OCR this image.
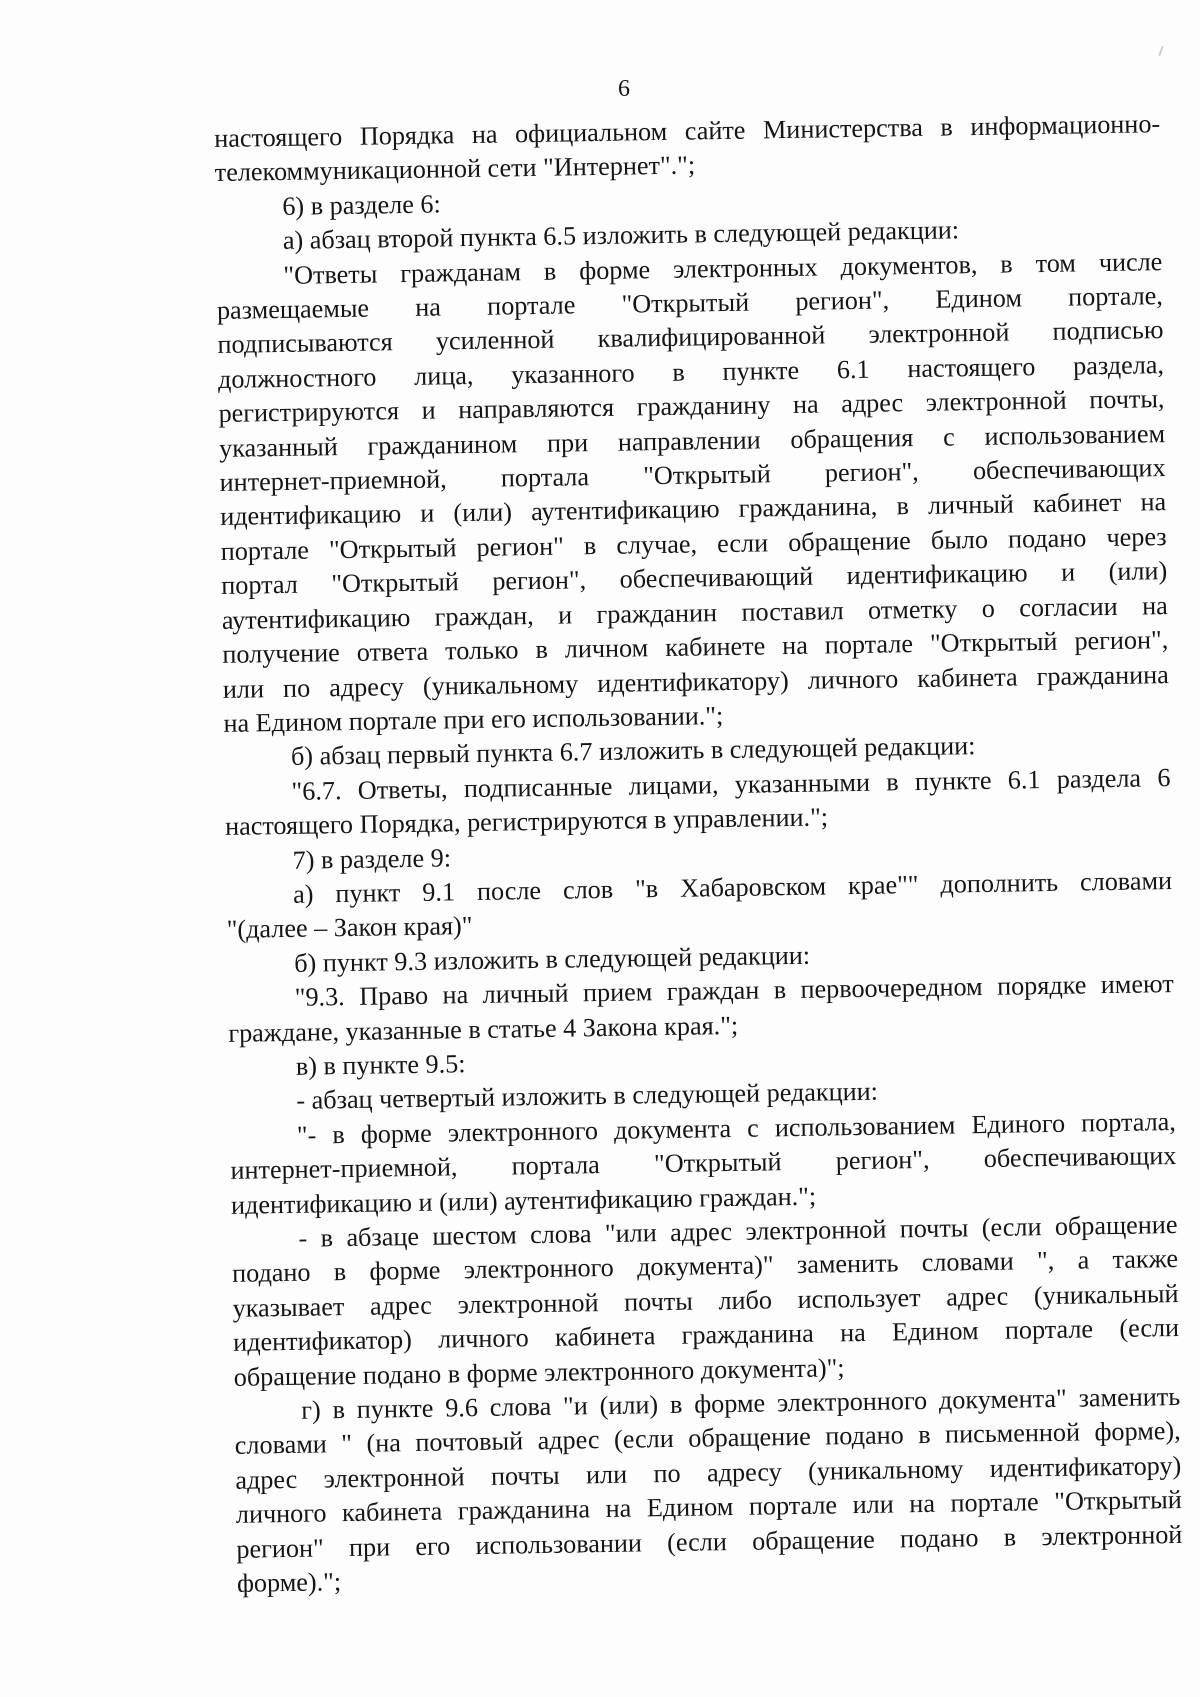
6

настоящего Порядка на официальном сайте Министерства в информационно-
телекоммуникационной сети "Интернет".";

6) в разделе 6:

а) абзац второй пункта 6.5 изложить в следующей редакции:

"Ответы гражданам в форме электронных документов, в том числе
размещаемые на портале "Открытый регион", Едином портале,
подписываются усиленной квалифицированной электронной подписью
должностного лица, указанного в пункте 6.1 настоящего раздела,
регистрируются и направляются гражданину на адрес электронной почты,
указанный гражданином при направлении обращения с использованием
интернет-приемной, портала "Открытый регион", обеспечивающих
идентификацию и (или) аутентификацию гражданина, в личный кабинет на
портале "Открытый регион" в случае, если обращение было подано через
портал "Открытый регион", обеспечивающий идентификацию и (или)
аутентификацию граждан, и гражданин поставил отметку о согласии на
получение ответа только в личном кабинете на портале "Открытый регион",
или по адресу (уникальному идентификатору) личного кабинета гражданина
на Едином портале при его использовании.";

б) абзац первый пункта 6.7 изложить в следующей редакции:

"6.7. Ответы, подписанные лицами, указанными в пункте 6.1 раздела 6
настоящего Порядка, регистрируются в управлении.";

7) в разделе 9:

а) пункт 9.1 после слов "в Хабаровском крае"" дополнить словами
"(далее – Закон края)"

б) пункт 9.3 изложить в следующей редакции:

"9.3. Право на личный прием граждан в первоочередном порядке имеют
граждане, указанные в статье 4 Закона края.";

в) в пункте 9.5:

- абзац четвертый изложить в следующей редакции:

"- в форме электронного документа с использованием Единого портала,
интернет-приемной, портала "Открытый регион", обеспечивающих
идентификацию и (или) аутентификацию граждан.";

- в абзаце шестом слова "или адрес электронной почты (если обращение
подано в форме электронного документа)" заменить словами ", а также
указывает адрес электронной почты либо использует адрес (уникальный
идентификатор) личного кабинета гражданина на Едином портале (если
обращение подано в форме электронного документа)";

г) в пункте 9.6 слова "и (или) в форме электронного документа" заменить
словами " (на почтовый адрес (если обращение подано в письменной форме),
адрес электронной почты или по адресу (уникальному идентификатору)
личного кабинета гражданина на Едином портале или на портале "Открытый
регион" при его использовании (если обращение подано в электронной
форме).";
